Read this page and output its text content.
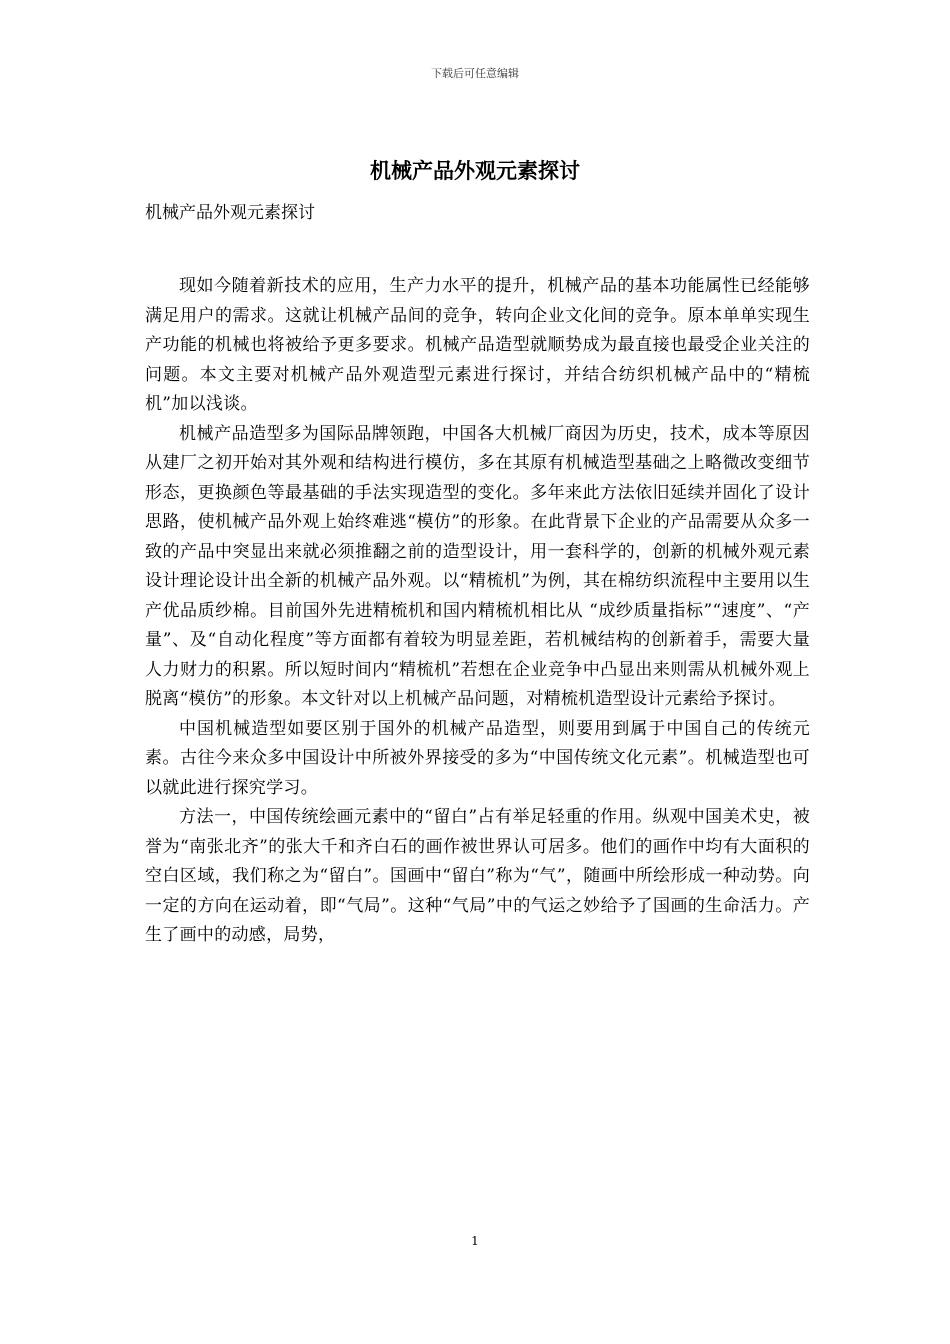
下载后可任意编辑
机械产品外观元素探讨

机械产品外观元素探讨

现如今随着新技术的应用，生产力水平的提升，机械产品的基本功能属性已经能够满足用户的需求。这就让机械产品间的竞争，转向企业文化间的竞争。原本单单实现生产功能的机械也将被给予更多要求。机械产品造型就顺势成为最直接也最受企业关注的问题。本文主要对机械产品外观造型元素进行探讨，并结合纺织机械产品中的“精梳机”加以浅谈。

机械产品造型多为国际品牌领跑，中国各大机械厂商因为历史，技术，成本等原因从建厂之初开始对其外观和结构进行模仿，多在其原有机械造型基础之上略微改变细节形态，更换颜色等最基础的手法实现造型的变化。多年来此方法依旧延续并固化了设计思路，使机械产品外观上始终难逃“模仿”的形象。在此背景下企业的产品需要从众多一致的产品中突显出来就必须推翻之前的造型设计，用一套科学的，创新的机械外观元素设计理论设计出全新的机械产品外观。以“精梳机”为例，其在棉纺织流程中主要用以生产优品质纱棉。目前国外先进精梳机和国内精梳机相比从 “成纱质量指标”“速度”、“产量”、及“自动化程度”等方面都有着较为明显差距，若机械结构的创新着手，需要大量人力财力的积累。所以短时间内“精梳机”若想在企业竞争中凸显出来则需从机械外观上脱离“模仿”的形象。本文针对以上机械产品问题，对精梳机造型设计元素给予探讨。

中国机械造型如要区别于国外的机械产品造型，则要用到属于中国自己的传统元素。古往今来众多中国设计中所被外界接受的多为“中国传统文化元素”。机械造型也可以就此进行探究学习。

方法一，中国传统绘画元素中的“留白”占有举足轻重的作用。纵观中国美术史，被誉为“南张北齐”的张大千和齐白石的画作被世界认可居多。他们的画作中均有大面积的空白区域，我们称之为“留白”。国画中“留白”称为“气”，随画中所绘形成一种动势。向一定的方向在运动着，即“气局”。这种“气局”中的气运之妙给予了国画的生命活力。产生了画中的动感，局势，

1
